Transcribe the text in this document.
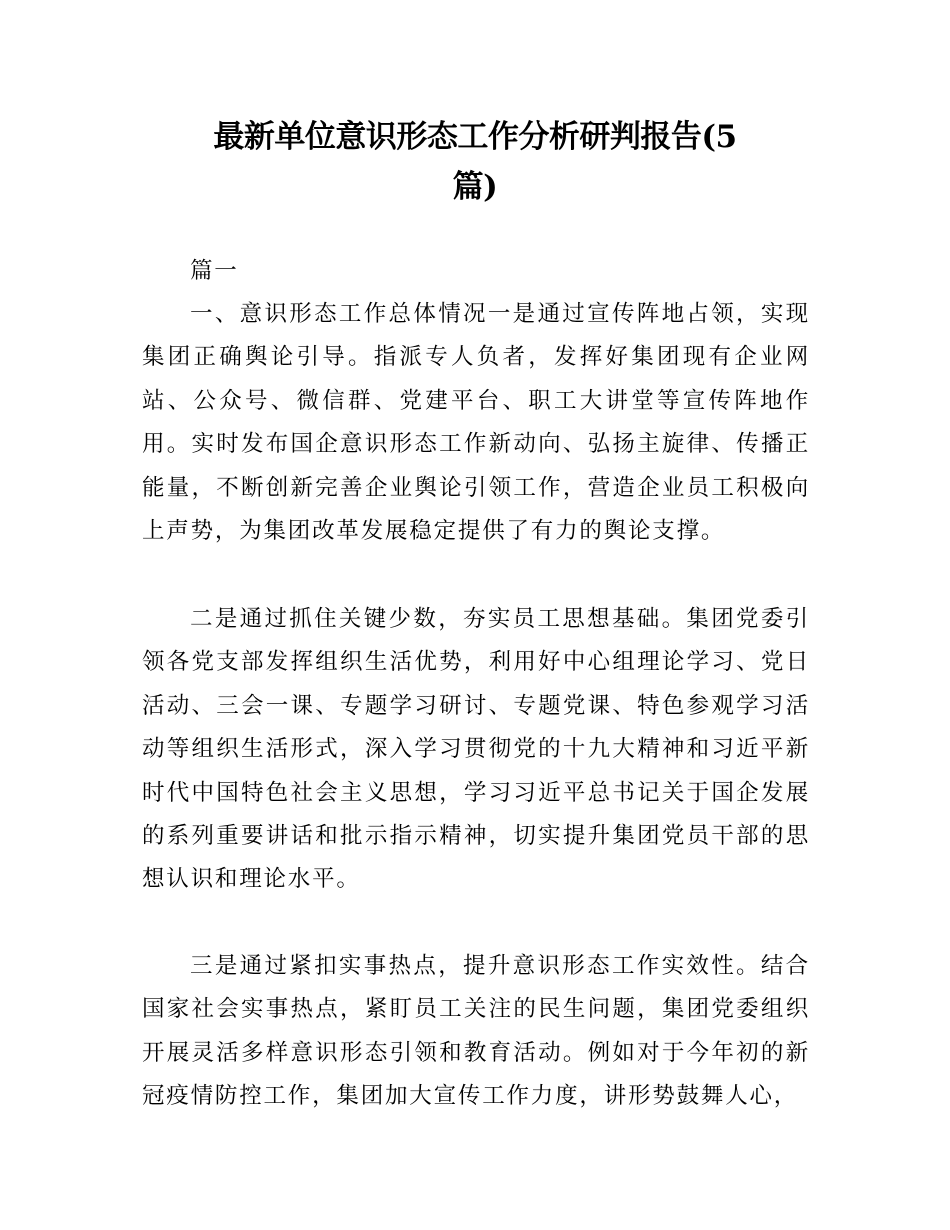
最新单位意识形态工作分析研判报告(5
篇)
篇一

一、意识形态工作总体情况一是通过宣传阵地占领，实现集团正确舆论引导。指派专人负者，发挥好集团现有企业网站、公众号、微信群、党建平台、职工大讲堂等宣传阵地作用。实时发布国企意识形态工作新动向、弘扬主旋律、传播正能量，不断创新完善企业舆论引领工作，营造企业员工积极向上声势，为集团改革发展稳定提供了有力的舆论支撑。

二是通过抓住关键少数，夯实员工思想基础。集团党委引领各党支部发挥组织生活优势，利用好中心组理论学习、党日活动、三会一课、专题学习研讨、专题党课、特色参观学习活动等组织生活形式，深入学习贯彻党的十九大精神和习近平新时代中国特色社会主义思想，学习习近平总书记关于国企发展的系列重要讲话和批示指示精神，切实提升集团党员干部的思想认识和理论水平。

三是通过紧扣实事热点，提升意识形态工作实效性。结合国家社会实事热点，紧盯员工关注的民生问题，集团党委组织开展灵活多样意识形态引领和教育活动。例如对于今年初的新冠疫情防控工作，集团加大宣传工作力度，讲形势鼓舞人心，
